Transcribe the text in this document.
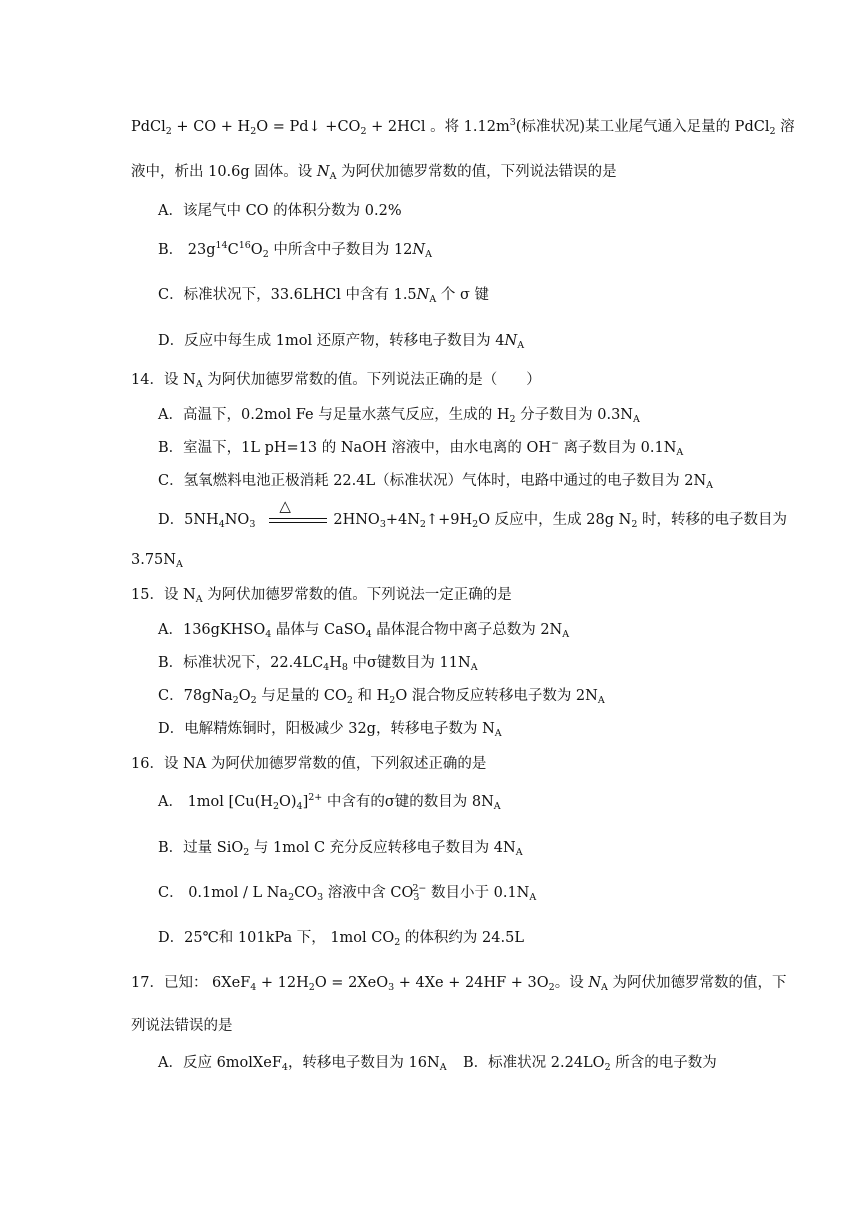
PdCl$_2$ + CO + $H_2O$ = Pd↓ $+CO_2 + 2HCl$ 。将 $1.12m^3$(标准状况)某工业尾气通入足量的 PdCl$_2$ 溶
液中，析出 10.6g 固体。设 $N_A$ 为阿伏加德罗常数的值，下列说法错误的是
A．该尾气中 CO 的体积分数为 0.2%
B． $23g^{14}C^{16}O_2$ 中所含中子数目为 $12N_A$
C．标准状况下，33.6LHCl 中含有 $1.5N_A$ 个 σ 键
D．反应中每生成 1mol 还原产物，转移电子数目为 $4N_A$
14．设 $N_A$ 为阿伏加德罗常数的值。下列说法正确的是（　　）
A．高温下，0.2mol Fe 与足量水蒸气反应，生成的 $H_2$ 分子数目为 $0.3N_A$
B．室温下，1L pH=13 的 NaOH 溶液中，由水电离的 OH− 离子数目为 $0.1N_A$
C．氢氧燃料电池正极消耗 22.4L（标准状况）气体时，电路中通过的电子数目为 $2N_A$
D．$5NH_4NO_3$
△
$2HNO_3+4N_2↑+9H_2O$ 反应中，生成 28g $N_2$ 时，转移的电子数目为
$3.75N_A$
15．设 $N_A$ 为阿伏加德罗常数的值。下列说法一定正确的是
A．136gKHSO$_4$ 晶体与 CaSO$_4$ 晶体混合物中离子总数为 $2N_A$
B．标准状况下，$22.4LC_4H_8$ 中σ键数目为 $11N_A$
C．$78gNa_2O_2$ 与足量的 $CO_2$ 和 $H_2O$ 混合物反应转移电子数为 $2N_A$
D．电解精炼铜时，阳极减少 32g，转移电子数为 $N_A$
16．设 NA 为阿伏加德罗常数的值，下列叙述正确的是
A． 1mol $[Cu(H_2O)_4]^{2+}$ 中含有的σ键的数目为 $8N_A$
B．过量 SiO$_2$ 与 1mol C 充分反应转移电子数目为 $4N_A$
C． 0.1mol / L $Na_2CO_3$ 溶液中含 $CO_3^{2-}$ 数目小于 $0.1N_A$
D．25℃和 101kPa 下， 1mol $CO_2$ 的体积约为 24.5L
17．已知： $6XeF_4 + 12H_2O = 2XeO_3 + 4Xe + 24HF + 3O_2$。设 $N_A$ 为阿伏加德罗常数的值，下
列说法错误的是
A．反应 6molXeF$_4$，转移电子数目为 $16N_A$ B．标准状况 $2.24LO_2$ 所含的电子数为
